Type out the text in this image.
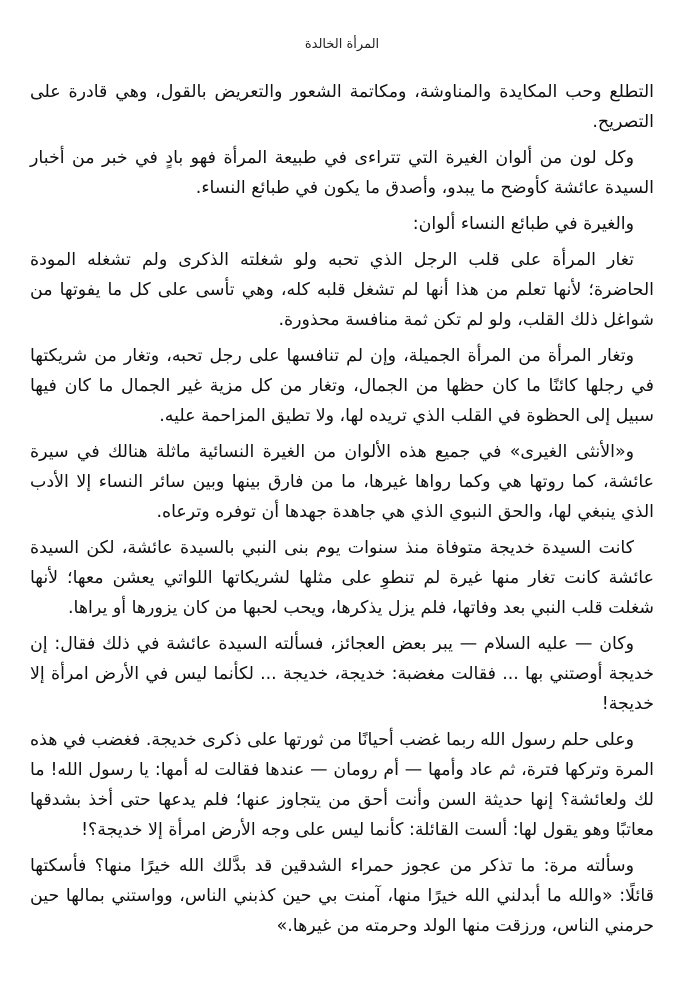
المرأة الخالدة

التطلع وحب المكايدة والمناوشة، ومكاتمة الشعور والتعريض بالقول، وهي قادرة على التصريح.

وكل لون من ألوان الغيرة التي تتراءى في طبيعة المرأة فهو بادٍ في خبر من أخبار السيدة عائشة كأوضح ما يبدو، وأصدق ما يكون في طبائع النساء.

والغيرة في طبائع النساء ألوان:

تغار المرأة على قلب الرجل الذي تحبه ولو شغلته الذكرى ولم تشغله المودة الحاضرة؛ لأنها تعلم من هذا أنها لم تشغل قلبه كله، وهي تأسى على كل ما يفوتها من شواغل ذلك القلب، ولو لم تكن ثمة منافسة محذورة.

وتغار المرأة من المرأة الجميلة، وإن لم تنافسها على رجل تحبه، وتغار من شريكتها في رجلها كائنًا ما كان حظها من الجمال، وتغار من كل مزية غير الجمال ما كان فيها سبيل إلى الحظوة في القلب الذي تريده لها، ولا تطيق المزاحمة عليه.

و«الأنثى الغيرى» في جميع هذه الألوان من الغيرة النسائية ماثلة هنالك في سيرة عائشة، كما روتها هي وكما رواها غيرها، ما من فارق بينها وبين سائر النساء إلا الأدب الذي ينبغي لها، والحق النبوي الذي هي جاهدة جهدها أن توفره وترعاه.

كانت السيدة خديجة متوفاة منذ سنوات يوم بنى النبي بالسيدة عائشة، لكن السيدة عائشة كانت تغار منها غيرة لم تنطوِ على مثلها لشريكاتها اللواتي يعشن معها؛ لأنها شغلت قلب النبي بعد وفاتها، فلم يزل يذكرها، ويحب لحبها من كان يزورها أو يراها.

وكان — عليه السلام — يبر بعض العجائز، فسألته السيدة عائشة في ذلك فقال: إن خديجة أوصتني بها ... فقالت مغضبة: خديجة، خديجة ... لكأنما ليس في الأرض امرأة إلا خديجة!

وعلى حلم رسول الله ربما غضب أحيانًا من ثورتها على ذكرى خديجة. فغضب في هذه المرة وتركها فترة، ثم عاد وأمها — أم رومان — عندها فقالت له أمها: يا رسول الله! ما لك ولعائشة؟ إنها حديثة السن وأنت أحق من يتجاوز عنها؛ فلم يدعها حتى أخذ بشدقها معاتبًا وهو يقول لها: ألست القائلة: كأنما ليس على وجه الأرض امرأة إلا خديجة؟!

وسألته مرة: ما تذكر من عجوز حمراء الشدقين قد بدَّلك الله خيرًا منها؟ فأسكتها قائلًا: «والله ما أبدلني الله خيرًا منها، آمنت بي حين كذبني الناس، وواستني بمالها حين حرمني الناس، ورزقت منها الولد وحرمته من غيرها.»
